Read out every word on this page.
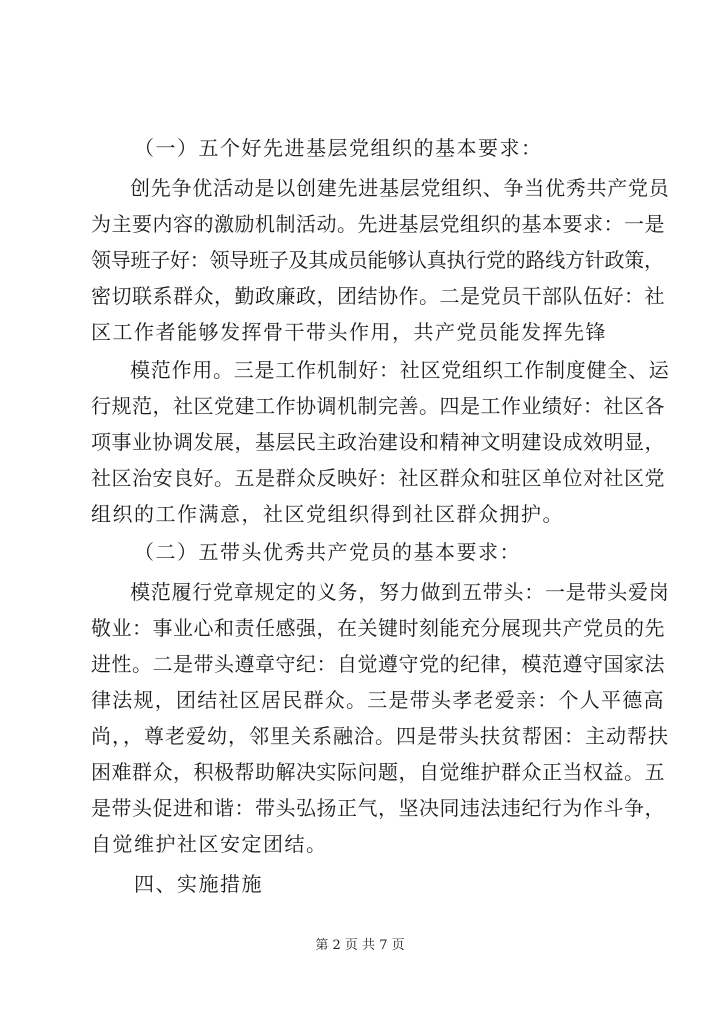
（一）五个好先进基层党组织的基本要求：
创先争优活动是以创建先进基层党组织、争当优秀共产党员
为主要内容的激励机制活动。先进基层党组织的基本要求：一是
领导班子好：领导班子及其成员能够认真执行党的路线方针政策，
密切联系群众，勤政廉政，团结协作。二是党员干部队伍好：社
区工作者能够发挥骨干带头作用，共产党员能发挥先锋
模范作用。三是工作机制好：社区党组织工作制度健全、运
行规范，社区党建工作协调机制完善。四是工作业绩好：社区各
项事业协调发展，基层民主政治建设和精神文明建设成效明显，
社区治安良好。五是群众反映好：社区群众和驻区单位对社区党
组织的工作满意，社区党组织得到社区群众拥护。
（二）五带头优秀共产党员的基本要求：
模范履行党章规定的义务，努力做到五带头：一是带头爱岗
敬业：事业心和责任感强，在关键时刻能充分展现共产党员的先
进性。二是带头遵章守纪：自觉遵守党的纪律，模范遵守国家法
律法规，团结社区居民群众。三是带头孝老爱亲：个人平德高
尚，，尊老爱幼，邻里关系融洽。四是带头扶贫帮困：主动帮扶
困难群众，积极帮助解决实际问题，自觉维护群众正当权益。五
是带头促进和谐：带头弘扬正气，坚决同违法违纪行为作斗争，
自觉维护社区安定团结。
四、实施措施
第 2 页 共 7 页
